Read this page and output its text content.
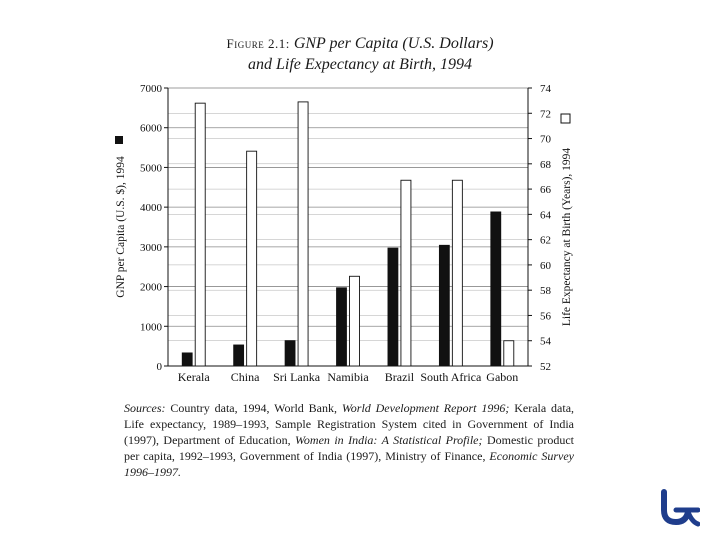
Figure 2.1: GNP per Capita (U.S. Dollars)
and Life Expectancy at Birth, 1994
0
1000
2000
3000
4000
5000
6000
7000
52
54
56
58
60
62
64
66
68
70
72
74
Kerala China Sri Lanka Namibia Brazil South Africa Gabon
GNP per Capita (U.S. $), 1994	Life Expectancy at Birth (Years), 1994
Sources: Country data, 1994, World Bank, World Development Report 1996; Kerala data, Life expectancy, 1989–1993, Sample Registration System cited in Government of India (1997), Department of Education, Women in India: A Statistical Profile; Domestic product per capita, 1992–1993, Government of India (1997), Ministry of Finance, Economic Survey 1996–1997.
